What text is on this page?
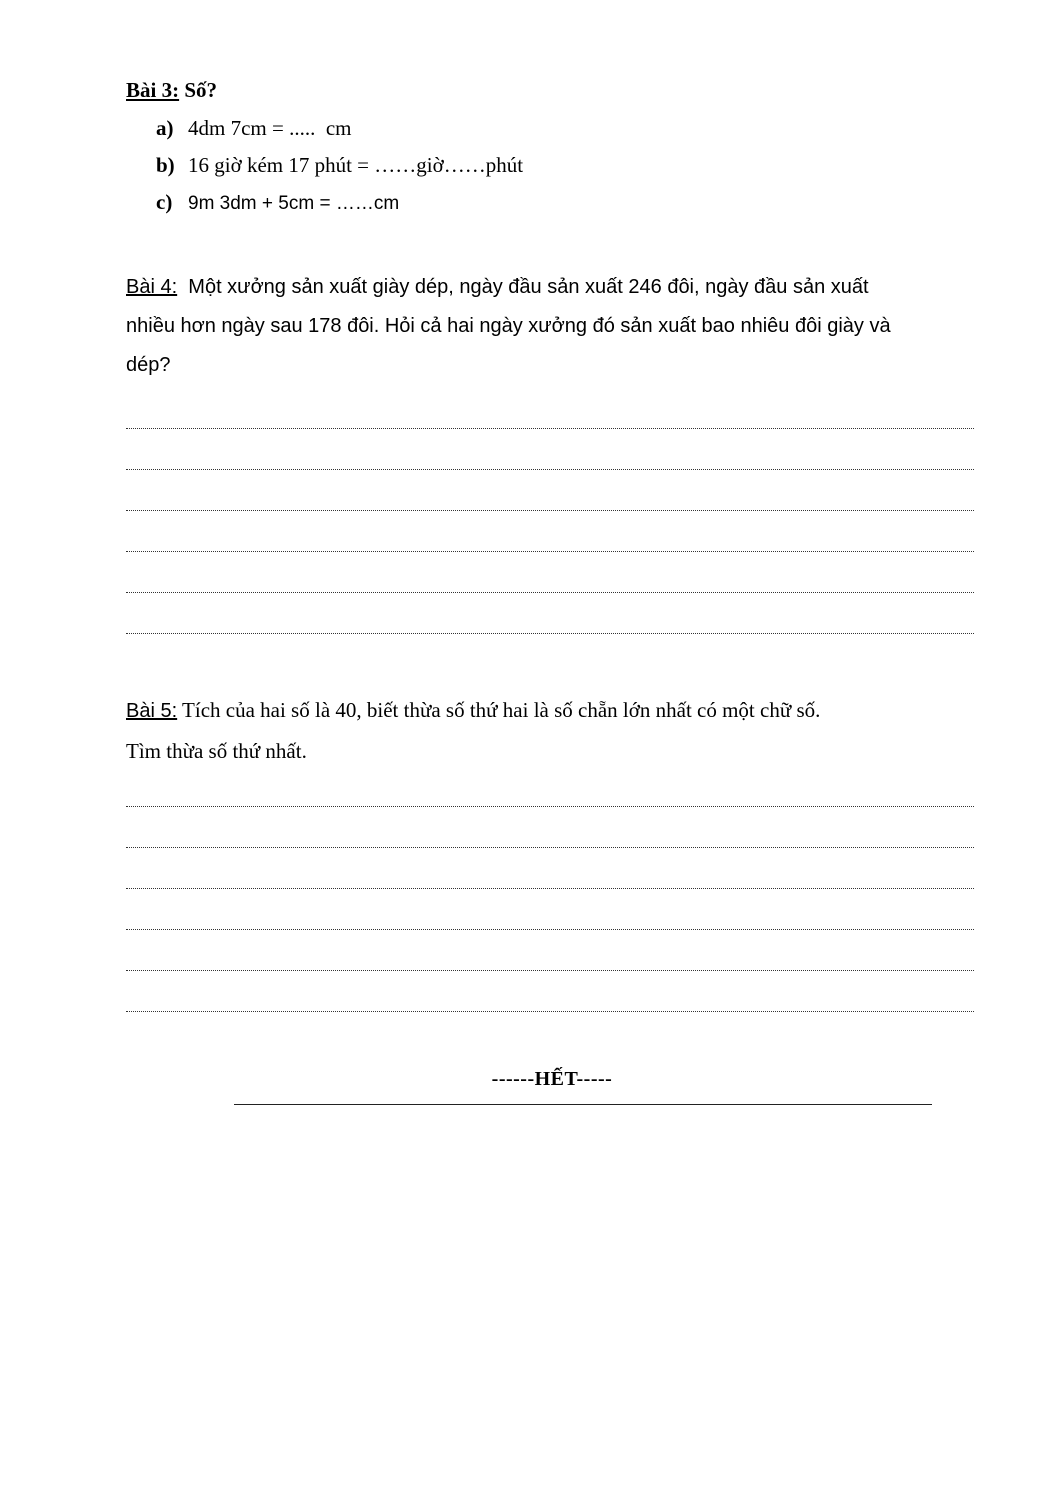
Bài 3: Số?
a) 4dm 7cm = .....  cm
b) 16 giờ kém 17 phút = ……giờ……phút
c) 9m 3dm + 5cm = ……cm
Bài 4: Một xưởng sản xuất giày dép, ngày đầu sản xuất 246 đôi, ngày đầu sản xuất
nhiều hơn ngày sau 178 đôi. Hỏi cả hai ngày xưởng đó sản xuất bao nhiêu đôi giày và
dép?
Bài 5: Tích của hai số là 40, biết thừa số thứ hai là số chẵn lớn nhất có một chữ số.
Tìm thừa số thứ nhất.
------HẾT-----
